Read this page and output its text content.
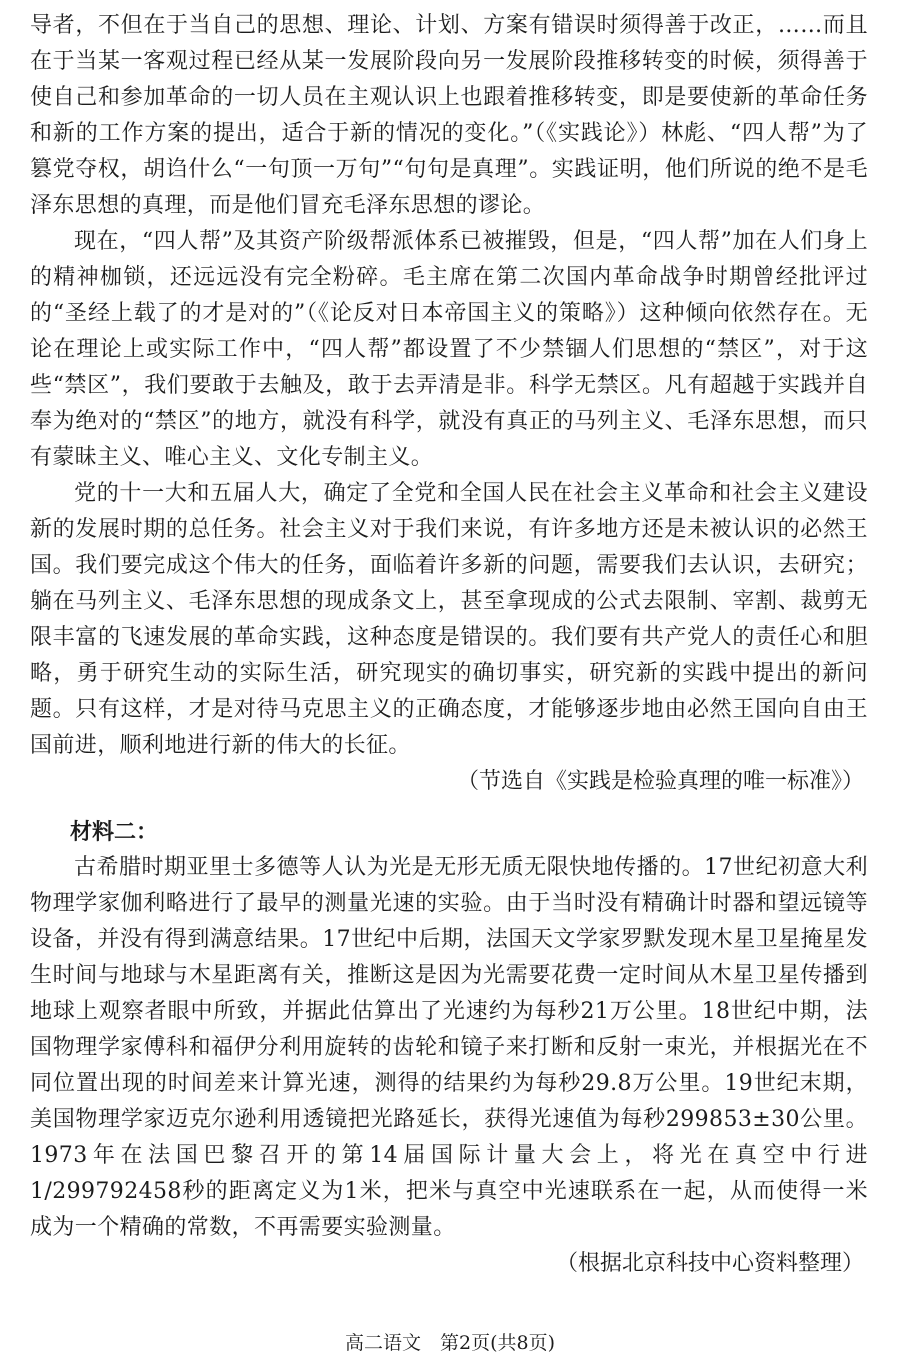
导者，不但在于当自己的思想、理论、计划、方案有错误时须得善于改正，……而且在于当某一客观过程已经从某一发展阶段向另一发展阶段推移转变的时候，须得善于使自己和参加革命的一切人员在主观认识上也跟着推移转变，即是要使新的革命任务和新的工作方案的提出，适合于新的情况的变化。”（《实践论》）林彪、“四人帮”为了篡党夺权，胡诌什么“一句顶一万句”“句句是真理”。实践证明，他们所说的绝不是毛泽东思想的真理，而是他们冒充毛泽东思想的谬论。

现在，“四人帮”及其资产阶级帮派体系已被摧毁，但是，“四人帮”加在人们身上的精神枷锁，还远远没有完全粉碎。毛主席在第二次国内革命战争时期曾经批评过的“圣经上载了的才是对的”（《论反对日本帝国主义的策略》）这种倾向依然存在。无论在理论上或实际工作中，“四人帮”都设置了不少禁锢人们思想的“禁区”，对于这些“禁区”，我们要敢于去触及，敢于去弄清是非。科学无禁区。凡有超越于实践并自奉为绝对的“禁区”的地方，就没有科学，就没有真正的马列主义、毛泽东思想，而只有蒙昧主义、唯心主义、文化专制主义。

党的十一大和五届人大，确定了全党和全国人民在社会主义革命和社会主义建设新的发展时期的总任务。社会主义对于我们来说，有许多地方还是未被认识的必然王国。我们要完成这个伟大的任务，面临着许多新的问题，需要我们去认识，去研究；躺在马列主义、毛泽东思想的现成条文上，甚至拿现成的公式去限制、宰割、裁剪无限丰富的飞速发展的革命实践，这种态度是错误的。我们要有共产党人的责任心和胆略，勇于研究生动的实际生活，研究现实的确切事实，研究新的实践中提出的新问题。只有这样，才是对待马克思主义的正确态度，才能够逐步地由必然王国向自由王国前进，顺利地进行新的伟大的长征。

（节选自《实践是检验真理的唯一标准》）

材料二：

古希腊时期亚里士多德等人认为光是无形无质无限快地传播的。17世纪初意大利物理学家伽利略进行了最早的测量光速的实验。由于当时没有精确计时器和望远镜等设备，并没有得到满意结果。17世纪中后期，法国天文学家罗默发现木星卫星掩星发生时间与地球与木星距离有关，推断这是因为光需要花费一定时间从木星卫星传播到地球上观察者眼中所致，并据此估算出了光速约为每秒21万公里。18世纪中期，法国物理学家傅科和福伊分利用旋转的齿轮和镜子来打断和反射一束光，并根据光在不同位置出现的时间差来计算光速，测得的结果约为每秒29.8万公里。19世纪末期，美国物理学家迈克尔逊利用透镜把光路延长，获得光速值为每秒299853±30公里。1973年在法国巴黎召开的第14届国际计量大会上，将光在真空中行进1/299792458秒的距离定义为1米，把米与真空中光速联系在一起，从而使得一米成为一个精确的常数，不再需要实验测量。

（根据北京科技中心资料整理）

高二语文　第2页(共8页)
